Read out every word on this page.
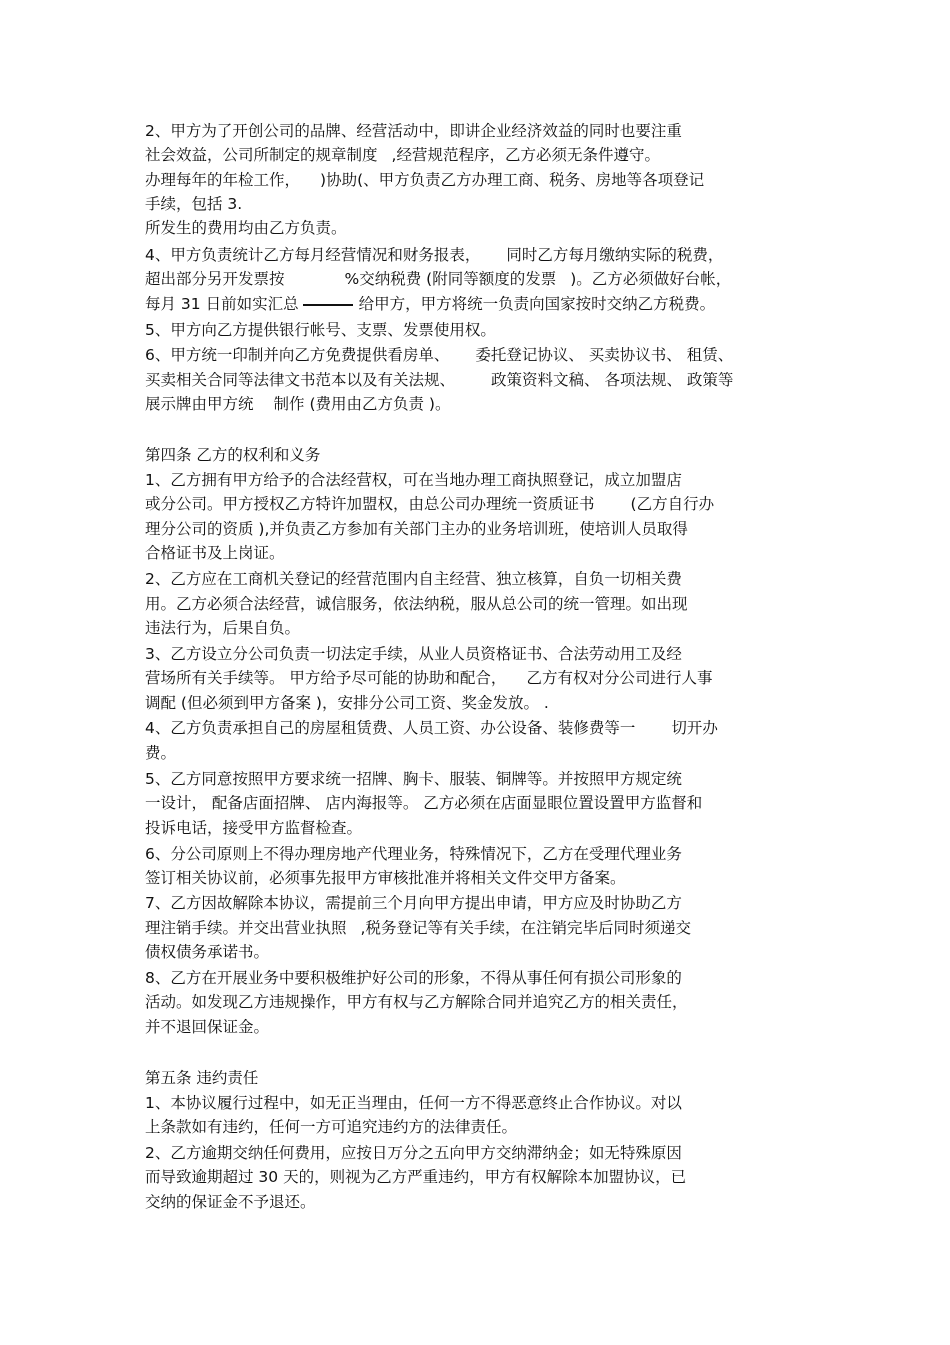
2、甲方为了开创公司的品牌、经营活动中，即讲企业经济效益的同时也要注重
社会效益，公司所制定的规章制度 ,经营规范程序，乙方必须无条件遵守。
办理每年的年检工作， )协助(、甲方负责乙方办理工商、税务、房地等各项登记
手续，包括 3.
所发生的费用均由乙方负责。
4、甲方负责统计乙方每月经营情况和财务报表， 同时乙方每月缴纳实际的税费，
超出部分另开发票按	%交纳税费 (附同等额度的发票 )。乙方必须做好台帐，
每月 31 日前如实汇总	给甲方，甲方将统一负责向国家按时交纳乙方税费。
5、甲方向乙方提供银行帐号、支票、发票使用权。
6、甲方统一印制并向乙方免费提供看房单、 委托登记协议、 买卖协议书、 租赁、
买卖相关合同等法律文书范本以及有关法规、 政策资料文稿、 各项法规、 政策等
展示牌由甲方统 制作 (费用由乙方负责 )。
第四条 乙方的权利和义务
1、乙方拥有甲方给予的合法经营权，可在当地办理工商执照登记，成立加盟店
或分公司。甲方授权乙方特许加盟权，由总公司办理统一资质证书 (乙方自行办
理分公司的资质 ),并负责乙方参加有关部门主办的业务培训班，使培训人员取得
合格证书及上岗证。
2、乙方应在工商机关登记的经营范围内自主经营、独立核算，自负一切相关费
用。乙方必须合法经营，诚信服务，依法纳税，服从总公司的统一管理。如出现
违法行为，后果自负。
3、乙方设立分公司负责一切法定手续，从业人员资格证书、合法劳动用工及经
营场所有关手续等。 甲方给予尽可能的协助和配合， 乙方有权对分公司进行人事
调配 (但必须到甲方备案 )，安排分公司工资、奖金发放。 .
4、乙方负责承担自己的房屋租赁费、人员工资、办公设备、装修费等一 切开办
费。
5、乙方同意按照甲方要求统一招牌、胸卡、服装、铜牌等。并按照甲方规定统
一设计， 配备店面招牌、 店内海报等。 乙方必须在店面显眼位置设置甲方监督和
投诉电话，接受甲方监督检查。
6、分公司原则上不得办理房地产代理业务，特殊情况下，乙方在受理代理业务
签订相关协议前，必须事先报甲方审核批准并将相关文件交甲方备案。
7、乙方因故解除本协议，需提前三个月向甲方提出申请，甲方应及时协助乙方
理注销手续。并交出营业执照 ,税务登记等有关手续，在注销完毕后同时须递交
债权债务承诺书。
8、乙方在开展业务中要积极维护好公司的形象，不得从事任何有损公司形象的
活动。如发现乙方违规操作，甲方有权与乙方解除合同并追究乙方的相关责任，
并不退回保证金。
第五条 违约责任
1、本协议履行过程中，如无正当理由，任何一方不得恶意终止合作协议。对以
上条款如有违约，任何一方可追究违约方的法律责任。
2、乙方逾期交纳任何费用，应按日万分之五向甲方交纳滞纳金；如无特殊原因
而导致逾期超过 30 天的，则视为乙方严重违约，甲方有权解除本加盟协议，已
交纳的保证金不予退还。
